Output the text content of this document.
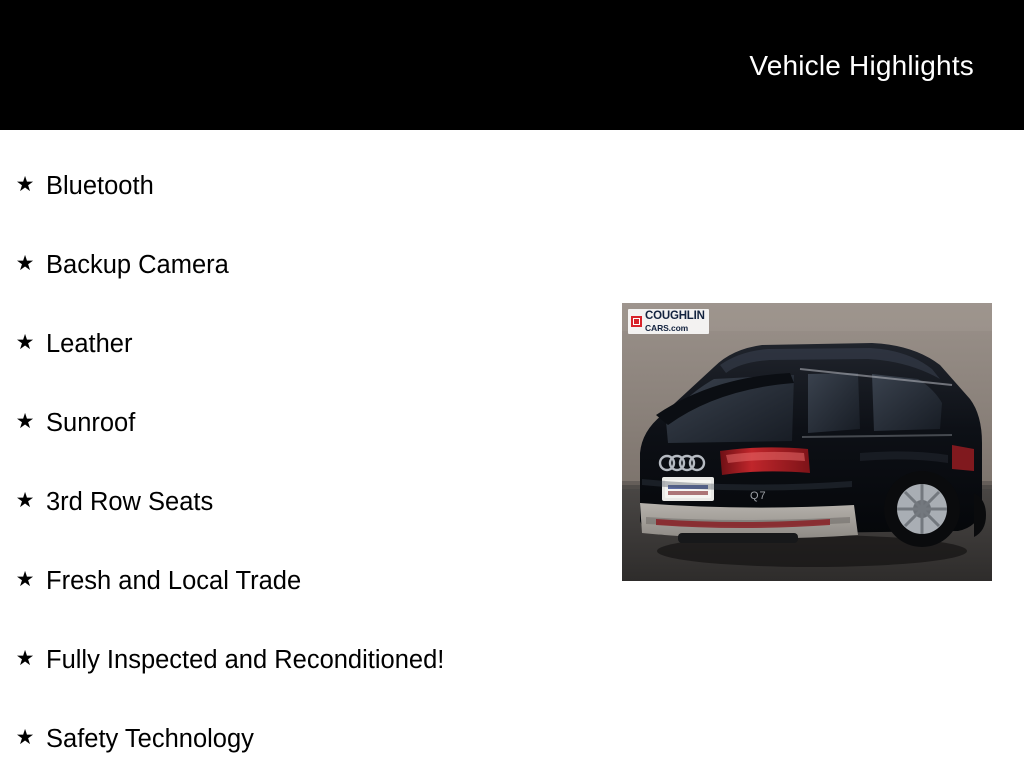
Vehicle Highlights
★ Bluetooth
★ Backup Camera
★ Leather
★ Sunroof
★ 3rd Row Seats
★ Fresh and Local Trade
★ Fully Inspected and Reconditioned!
★ Safety Technology
Q7
COUGHLIN
CARS.com
